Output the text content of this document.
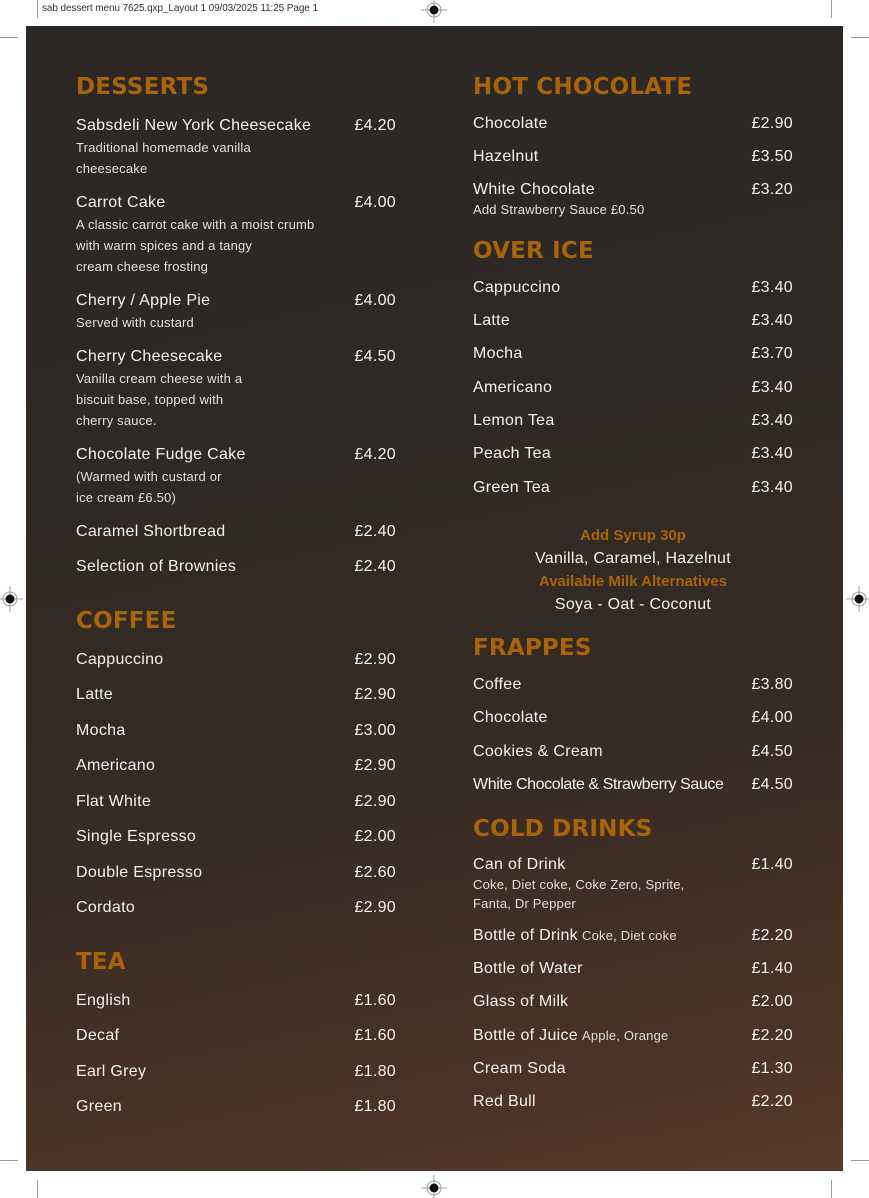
sab dessert menu 7625.qxp_Layout 1 09/03/2025 11:25 Page 1
DESSERTS
Sabsdeli New York Cheesecake	£4.20
Traditional homemade vanilla
cheesecake
Carrot Cake	£4.00
A classic carrot cake with a moist crumb
with warm spices and a tangy
cream cheese frosting
Cherry / Apple Pie	£4.00
Served with custard
Cherry Cheesecake	£4.50
Vanilla cream cheese with a
biscuit base, topped with
cherry sauce.
Chocolate Fudge Cake	£4.20
(Warmed with custard or
ice cream £6.50)
Caramel Shortbread	£2.40
Selection of Brownies	£2.40
COFFEE
Cappuccino	£2.90
Latte	£2.90
Mocha	£3.00
Americano	£2.90
Flat White	£2.90
Single Espresso	£2.00
Double Espresso	£2.60
Cordato	£2.90
TEA
English	£1.60
Decaf	£1.60
Earl Grey	£1.80
Green	£1.80
HOT CHOCOLATE
Chocolate	£2.90
Hazelnut	£3.50
White Chocolate	£3.20
Add Strawberry Sauce £0.50
OVER ICE
Cappuccino	£3.40
Latte	£3.40
Mocha	£3.70
Americano	£3.40
Lemon Tea	£3.40
Peach Tea	£3.40
Green Tea	£3.40
Add Syrup 30p
Vanilla, Caramel, Hazelnut
Available Milk Alternatives
Soya - Oat - Coconut
FRAPPES
Coffee	£3.80
Chocolate	£4.00
Cookies & Cream	£4.50
White Chocolate & Strawberry Sauce £4.50
COLD DRINKS
Can of Drink	£1.40
Coke, Diet coke, Coke Zero, Sprite,
Fanta, Dr Pepper
Bottle of Drink Coke, Diet coke	£2.20
Bottle of Water	£1.40
Glass of Milk	£2.00
Bottle of Juice Apple, Orange	£2.20
Cream Soda	£1.30
Red Bull	£2.20
